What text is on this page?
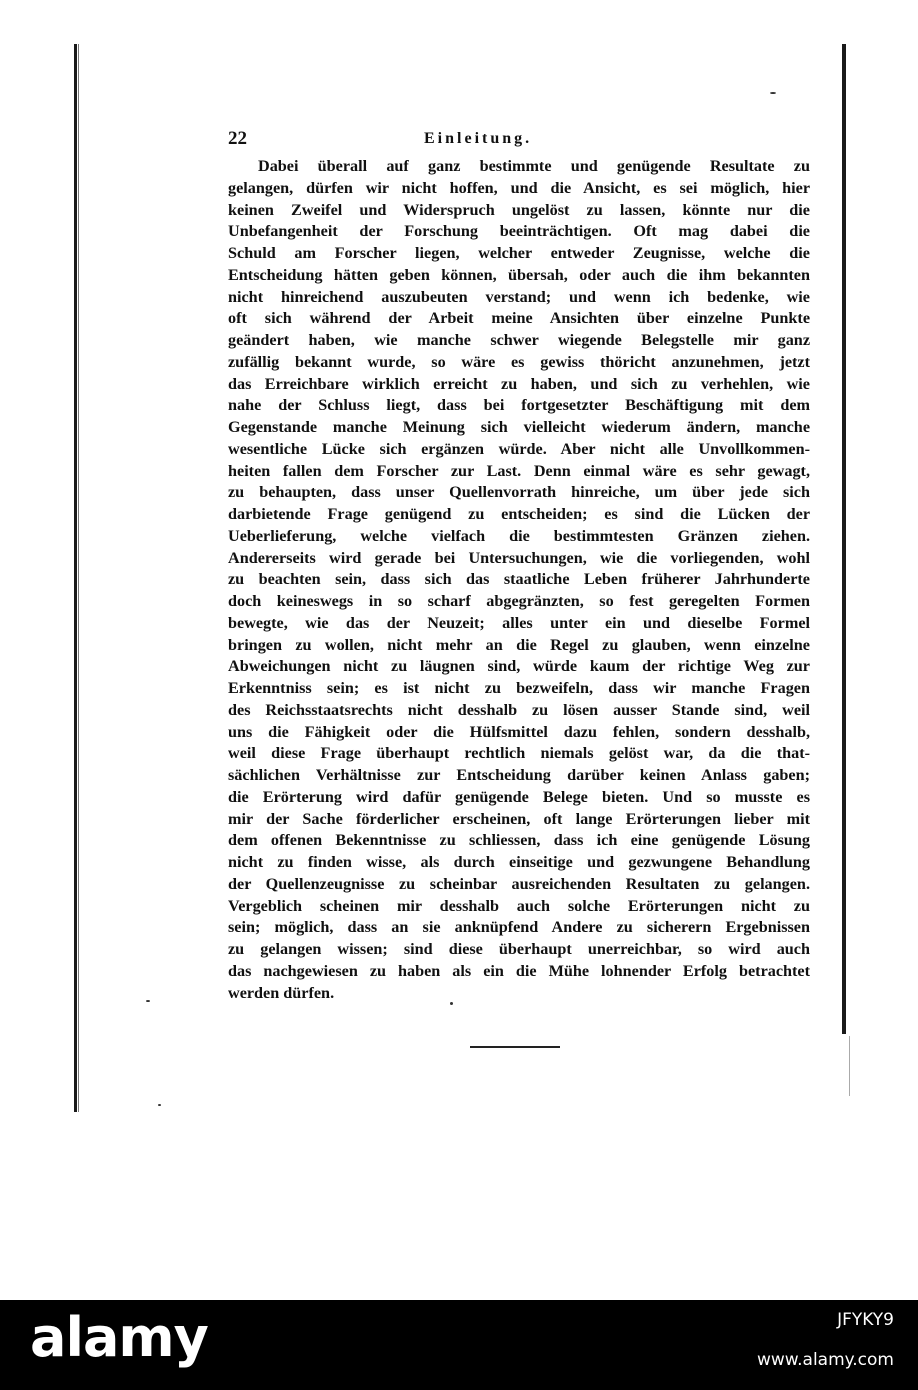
22	Einleitung.
Dabei überall auf ganz bestimmte und genügende Resultate zu
gelangen, dürfen wir nicht hoffen, und die Ansicht, es sei möglich, hier
keinen Zweifel und Widerspruch ungelöst zu lassen, könnte nur die
Unbefangenheit der Forschung beeinträchtigen. Oft mag dabei die
Schuld am Forscher liegen, welcher entweder Zeugnisse, welche die
Entscheidung hätten geben können, übersah, oder auch die ihm bekannten
nicht hinreichend auszubeuten verstand; und wenn ich bedenke, wie
oft sich während der Arbeit meine Ansichten über einzelne Punkte
geändert haben, wie manche schwer wiegende Belegstelle mir ganz
zufällig bekannt wurde, so wäre es gewiss thöricht anzunehmen, jetzt
das Erreichbare wirklich erreicht zu haben, und sich zu verhehlen, wie
nahe der Schluss liegt, dass bei fortgesetzter Beschäftigung mit dem
Gegenstande manche Meinung sich vielleicht wiederum ändern, manche
wesentliche Lücke sich ergänzen würde. Aber nicht alle Unvollkommen-
heiten fallen dem Forscher zur Last. Denn einmal wäre es sehr gewagt,
zu behaupten, dass unser Quellenvorrath hinreiche, um über jede sich
darbietende Frage genügend zu entscheiden; es sind die Lücken der
Ueberlieferung, welche vielfach die bestimmtesten Gränzen ziehen.
Andererseits wird gerade bei Untersuchungen, wie die vorliegenden, wohl
zu beachten sein, dass sich das staatliche Leben früherer Jahrhunderte
doch keineswegs in so scharf abgegränzten, so fest geregelten Formen
bewegte, wie das der Neuzeit; alles unter ein und dieselbe Formel
bringen zu wollen, nicht mehr an die Regel zu glauben, wenn einzelne
Abweichungen nicht zu läugnen sind, würde kaum der richtige Weg zur
Erkenntniss sein; es ist nicht zu bezweifeln, dass wir manche Fragen
des Reichsstaatsrechts nicht desshalb zu lösen ausser Stande sind, weil
uns die Fähigkeit oder die Hülfsmittel dazu fehlen, sondern desshalb,
weil diese Frage überhaupt rechtlich niemals gelöst war, da die that-
sächlichen Verhältnisse zur Entscheidung darüber keinen Anlass gaben;
die Erörterung wird dafür genügende Belege bieten. Und so musste es
mir der Sache förderlicher erscheinen, oft lange Erörterungen lieber mit
dem offenen Bekenntnisse zu schliessen, dass ich eine genügende Lösung
nicht zu finden wisse, als durch einseitige und gezwungene Behandlung
der Quellenzeugnisse zu scheinbar ausreichenden Resultaten zu gelangen.
Vergeblich scheinen mir desshalb auch solche Erörterungen nicht zu
sein; möglich, dass an sie anknüpfend Andere zu sicherern Ergebnissen
zu gelangen wissen; sind diese überhaupt unerreichbar, so wird auch
das nachgewiesen zu haben als ein die Mühe lohnender Erfolg betrachtet
werden dürfen.
alamy	JFYKY9
www.alamy.com
